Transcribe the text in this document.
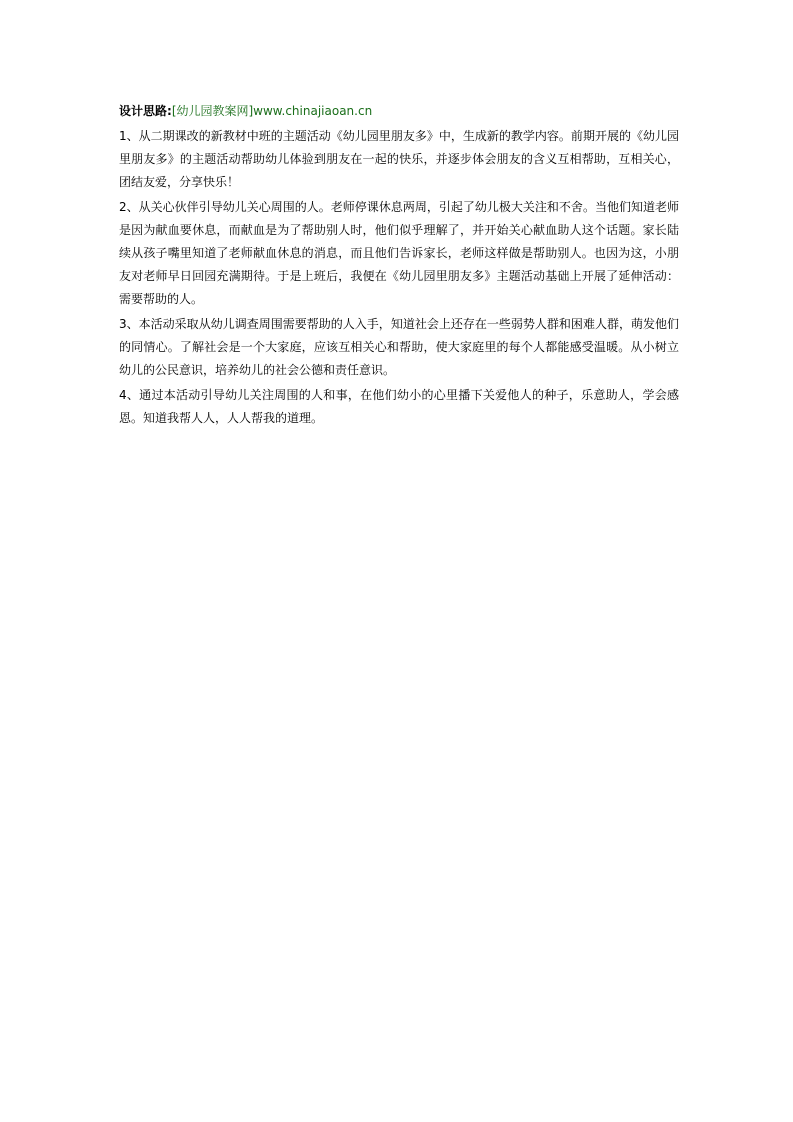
设计思路:[幼儿园教案网]www.chinajiaoan.cn
1、从二期课改的新教材中班的主题活动《幼儿园里朋友多》中，生成新的教学内容。前期开展的《幼儿园里朋友多》的主题活动帮助幼儿体验到朋友在一起的快乐，并逐步体会朋友的含义互相帮助，互相关心，团结友爱，分享快乐！
2、从关心伙伴引导幼儿关心周围的人。老师停课休息两周，引起了幼儿极大关注和不舍。当他们知道老师是因为献血要休息，而献血是为了帮助别人时，他们似乎理解了，并开始关心献血助人这个话题。家长陆续从孩子嘴里知道了老师献血休息的消息，而且他们告诉家长，老师这样做是帮助别人。也因为这，小朋友对老师早日回园充满期待。于是上班后，我便在《幼儿园里朋友多》主题活动基础上开展了延伸活动：需要帮助的人。
3、本活动采取从幼儿调查周围需要帮助的人入手，知道社会上还存在一些弱势人群和困难人群，萌发他们的同情心。了解社会是一个大家庭，应该互相关心和帮助，使大家庭里的每个人都能感受温暖。从小树立幼儿的公民意识，培养幼儿的社会公德和责任意识。
4、通过本活动引导幼儿关注周围的人和事，在他们幼小的心里播下关爱他人的种子，乐意助人，学会感恩。知道我帮人人，人人帮我的道理。
